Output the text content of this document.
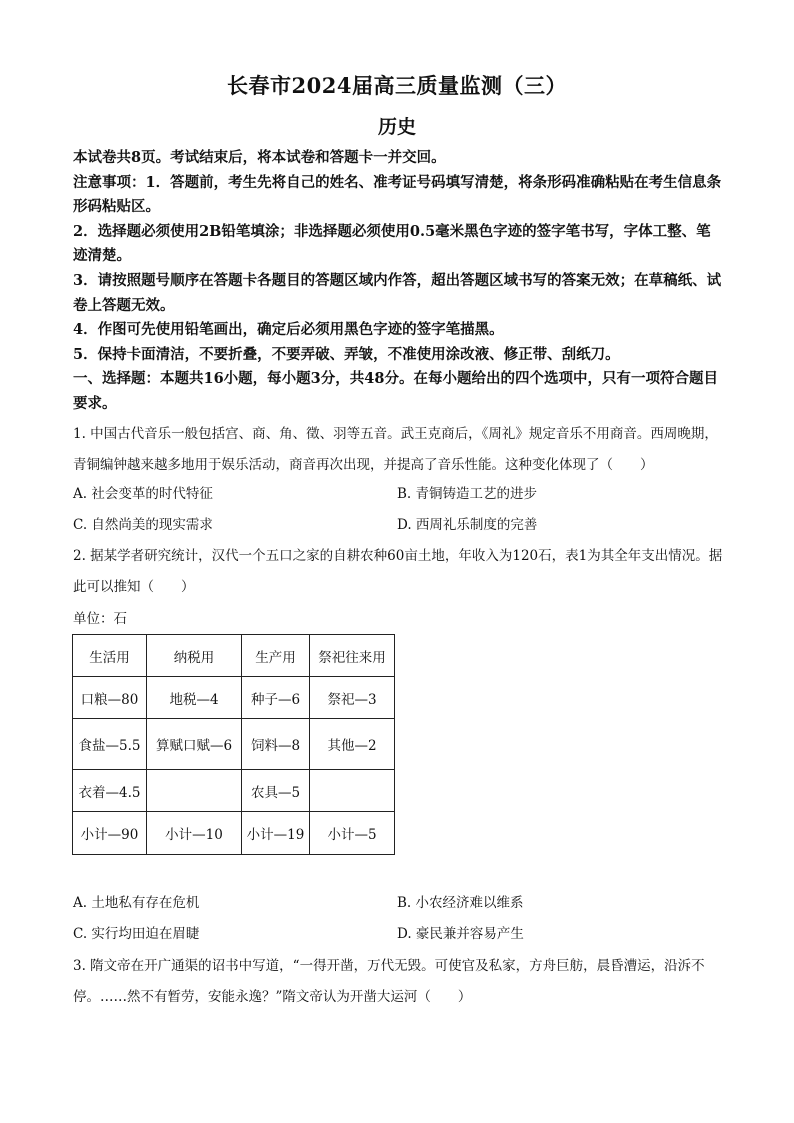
长春市2024届高三质量监测（三）
历史

本试卷共8页。考试结束后，将本试卷和答题卡一并交回。

注意事项：1．答题前，考生先将自己的姓名、准考证号码填写清楚，将条形码准确粘贴在考生信息条形码粘贴区。

2．选择题必须使用2B铅笔填涂；非选择题必须使用0.5毫米黑色字迹的签字笔书写，字体工整、笔迹清楚。

3．请按照题号顺序在答题卡各题目的答题区域内作答，超出答题区域书写的答案无效；在草稿纸、试卷上答题无效。

4．作图可先使用铅笔画出，确定后必须用黑色字迹的签字笔描黑。

5．保持卡面清洁，不要折叠，不要弄破、弄皱，不准使用涂改液、修正带、刮纸刀。

一、选择题：本题共16小题，每小题3分，共48分。在每小题给出的四个选项中，只有一项符合题目要求。

1. 中国古代音乐一般包括宫、商、角、徵、羽等五音。武王克商后，《周礼》规定音乐不用商音。西周晚期，青铜编钟越来越多地用于娱乐活动，商音再次出现，并提高了音乐性能。这种变化体现了（　　）

A. 社会变革的时代特征	B. 青铜铸造工艺的进步
C. 自然尚美的现实需求	D. 西周礼乐制度的完善

2. 据某学者研究统计，汉代一个五口之家的自耕农种60亩土地，年收入为120石，表1为其全年支出情况。据此可以推知（　　）

单位：石
生活用	纳税用	生产用	祭祀往来用
口粮—80	地税—4	种子—6	祭祀—3
食盐—5.5	算赋口赋—6	饲料—8	其他—2
衣着—4.5		农具—5	
小计—90	小计—10	小计—19	小计—5
A. 土地私有存在危机	B. 小农经济难以维系
C. 实行均田迫在眉睫	D. 豪民兼并容易产生

3. 隋文帝在开广通渠的诏书中写道，“一得开凿，万代无毁。可使官及私家，方舟巨舫，晨昏漕运，沿泝不停。……然不有暂劳，安能永逸？”隋文帝认为开凿大运河（　　）
